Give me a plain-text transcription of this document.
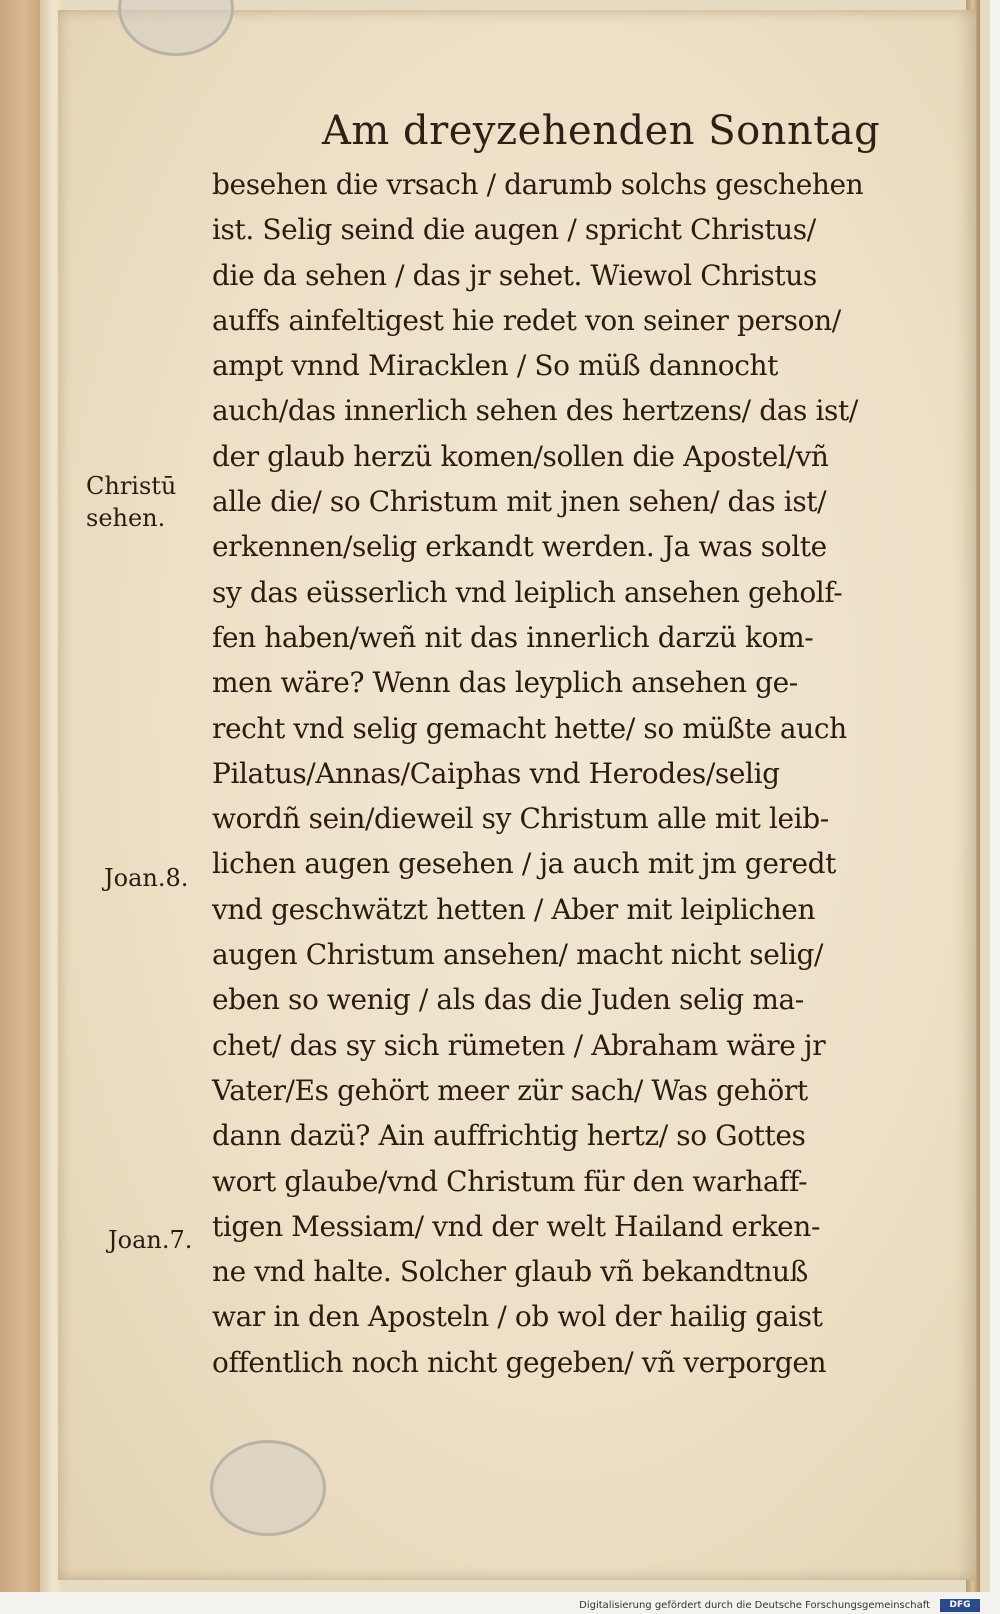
Am dreyzehenden Sonntag
besehen die vrsach / darumb solchs geschehen
ist. Selig seind die augen / spricht Christus/
die da sehen / das jr sehet. Wiewol Christus
auffs ainfeltigest hie redet von seiner person/
ampt vnnd Miracklen / So müß dannocht
auch/das innerlich sehen des hertzens/ das ist/
der glaub herzü komen/sollen die Apostel/vñ
alle die/ so Christum mit jnen sehen/ das ist/
erkennen/selig erkandt werden. Ja was solte
sy das eüsserlich vnd leiplich ansehen geholf-
fen haben/weñ nit das innerlich darzü kom-
men wäre? Wenn das leyplich ansehen ge-
recht vnd selig gemacht hette/ so müßte auch
Pilatus/Annas/Caiphas vnd Herodes/selig
wordñ sein/dieweil sy Christum alle mit leib-
lichen augen gesehen / ja auch mit jm geredt
vnd geschwätzt hetten / Aber mit leiplichen
augen Christum ansehen/ macht nicht selig/
eben so wenig / als das die Juden selig ma-
chet/ das sy sich rümeten / Abraham wäre jr
Vater/Es gehört meer zür sach/ Was gehört
dann dazü? Ain auffrichtig hertz/ so Gottes
wort glaube/vnd Christum für den warhaff-
tigen Messiam/ vnd der welt Hailand erken-
ne vnd halte. Solcher glaub vñ bekandtnuß
war in den Aposteln / ob wol der hailig gaist
offentlich noch nicht gegeben/ vñ verporgen
Christū
sehen.
Joan.8.
Joan.7.
Digitalisierung gefördert durch die Deutsche Forschungsgemeinschaft	DFG
